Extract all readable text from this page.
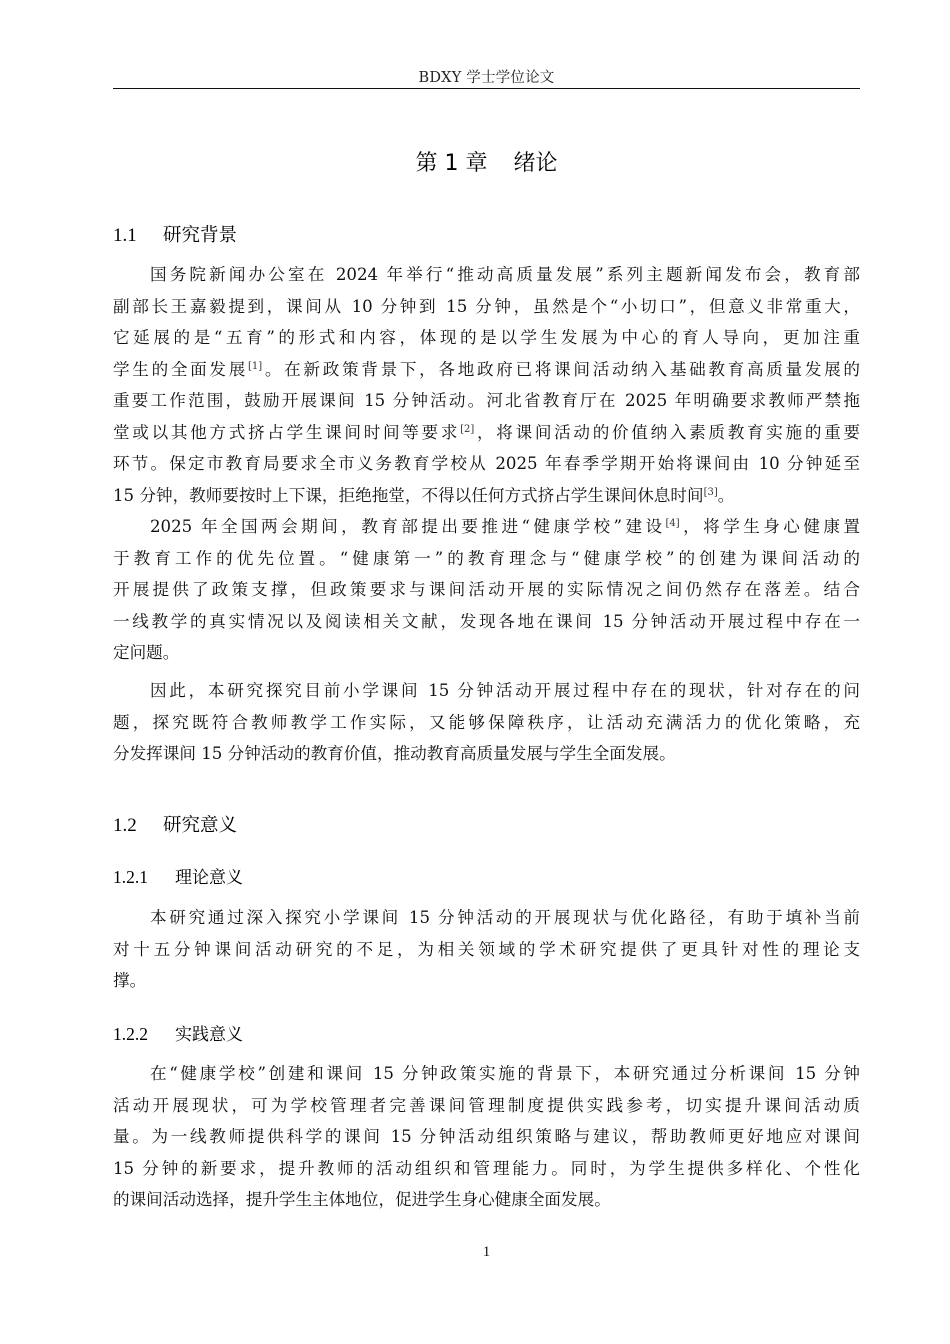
BDXY 学士学位论文
第 1 章 绪论
1.1 研究背景
国务院新闻办公室在 2024 年举行“推动高质量发展”系列主题新闻发布会，教育部
副部长王嘉毅提到，课间从 10 分钟到 15 分钟，虽然是个“小切口”，但意义非常重大，
它延展的是“五育”的形式和内容，体现的是以学生发展为中心的育人导向，更加注重
学生的全面发展[1]。在新政策背景下，各地政府已将课间活动纳入基础教育高质量发展的
重要工作范围，鼓励开展课间 15 分钟活动。河北省教育厅在 2025 年明确要求教师严禁拖
堂或以其他方式挤占学生课间时间等要求[2]，将课间活动的价值纳入素质教育实施的重要
环节。保定市教育局要求全市义务教育学校从 2025 年春季学期开始将课间由 10 分钟延至
15 分钟，教师要按时上下课，拒绝拖堂，不得以任何方式挤占学生课间休息时间[3]。
2025 年全国两会期间，教育部提出要推进“健康学校”建设[4]，将学生身心健康置
于教育工作的优先位置。“健康第一”的教育理念与“健康学校”的创建为课间活动的
开展提供了政策支撑，但政策要求与课间活动开展的实际情况之间仍然存在落差。结合
一线教学的真实情况以及阅读相关文献，发现各地在课间 15 分钟活动开展过程中存在一
定问题。
因此，本研究探究目前小学课间 15 分钟活动开展过程中存在的现状，针对存在的问
题，探究既符合教师教学工作实际，又能够保障秩序，让活动充满活力的优化策略，充
分发挥课间 15 分钟活动的教育价值，推动教育高质量发展与学生全面发展。
1.2 研究意义
1.2.1 理论意义
本研究通过深入探究小学课间 15 分钟活动的开展现状与优化路径，有助于填补当前
对十五分钟课间活动研究的不足，为相关领域的学术研究提供了更具针对性的理论支
撑。
1.2.2 实践意义
在“健康学校”创建和课间 15 分钟政策实施的背景下，本研究通过分析课间 15 分钟
活动开展现状，可为学校管理者完善课间管理制度提供实践参考，切实提升课间活动质
量。为一线教师提供科学的课间 15 分钟活动组织策略与建议，帮助教师更好地应对课间
15 分钟的新要求，提升教师的活动组织和管理能力。同时，为学生提供多样化、个性化
的课间活动选择，提升学生主体地位，促进学生身心健康全面发展。
1
